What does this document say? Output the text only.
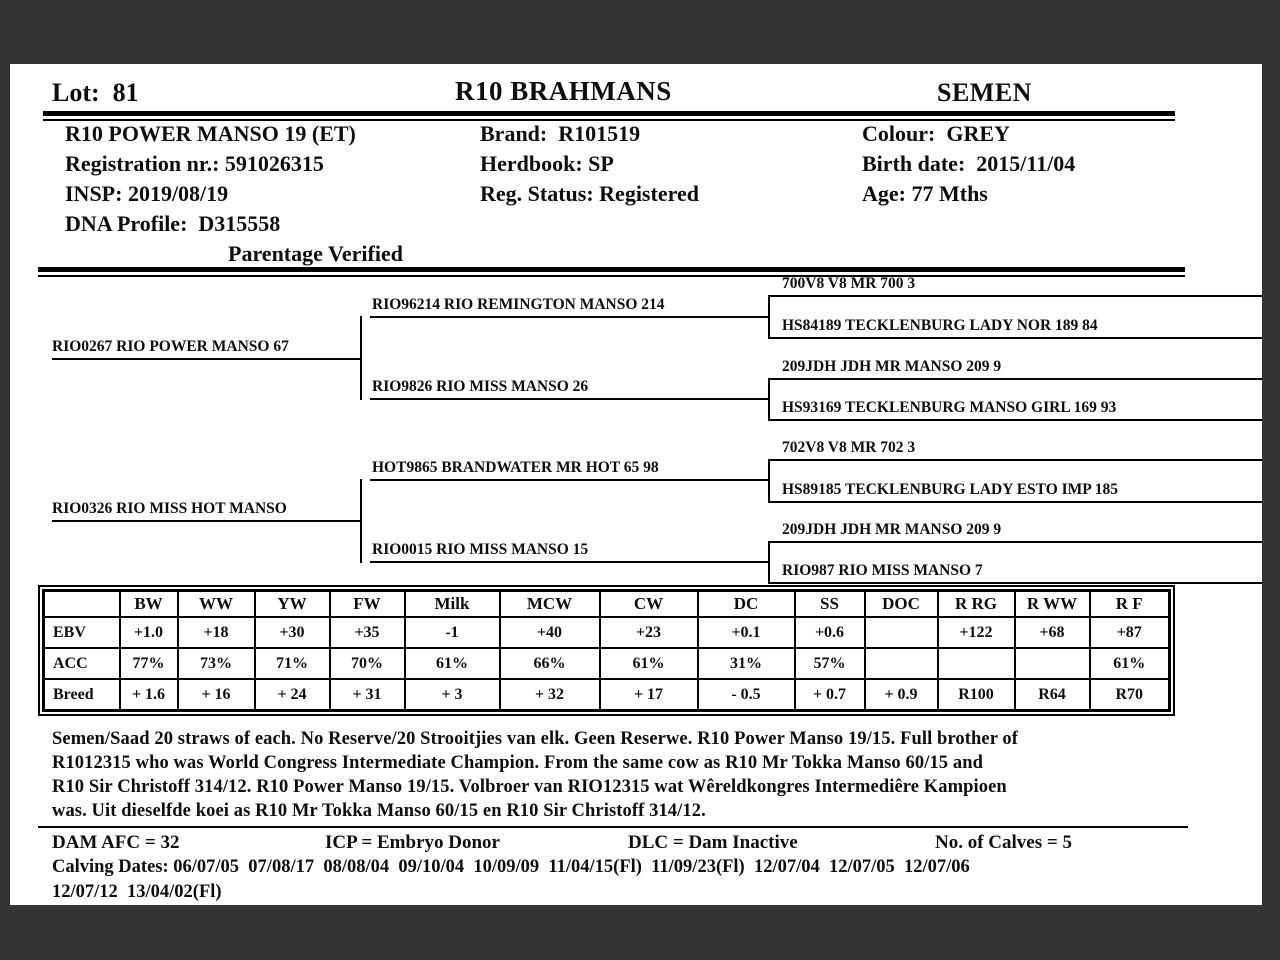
Lot:  81	R10 BRAHMANS	SEMEN
R10 POWER MANSO 19 (ET)
Registration nr.: 591026315
INSP: 2019/08/19
DNA Profile:  D315558
Parentage Verified
Brand:  R101519
Herdbook: SP
Reg. Status: Registered
Colour:  GREY
Birth date:  2015/11/04
Age: 77 Mths
RIO0267 RIO POWER MANSO 67
RIO0326 RIO MISS HOT MANSO
RIO96214 RIO REMINGTON MANSO 214
RIO9826 RIO MISS MANSO 26
HOT9865 BRANDWATER MR HOT 65 98
RIO0015 RIO MISS MANSO 15
700V8 V8 MR 700 3
HS84189 TECKLENBURG LADY NOR 189 84
209JDH JDH MR MANSO 209 9
HS93169 TECKLENBURG MANSO GIRL 169 93
702V8 V8 MR 702 3
HS89185 TECKLENBURG LADY ESTO IMP 185
209JDH JDH MR MANSO 209 9
RIO987 RIO MISS MANSO 7
	BW	WW	YW	FW	Milk	MCW	CW	DC	SS	DOC	R RG	R WW	R F
EBV	+1.0	+18	+30	+35	-1	+40	+23	+0.1	+0.6		+122	+68	+87
ACC	77%	73%	71%	70%	61%	66%	61%	31%	57%				61%
Breed	+ 1.6	+ 16	+ 24	+ 31	+ 3	+ 32	+ 17	- 0.5	+ 0.7	+ 0.9	R100	R64	R70
Semen/Saad 20 straws of each. No Reserve/20 Strooitjies van elk. Geen Reserwe. R10 Power Manso 19/15. Full brother of
R1012315 who was World Congress Intermediate Champion. From the same cow as R10 Mr Tokka Manso 60/15 and
R10 Sir Christoff 314/12. R10 Power Manso 19/15. Volbroer van RIO12315 wat Wêreldkongres Intermediêre Kampioen
was. Uit dieselfde koei as R10 Mr Tokka Manso 60/15 en R10 Sir Christoff 314/12.
DAM AFC = 32	ICP = Embryo Donor	DLC = Dam Inactive	No. of Calves = 5
Calving Dates: 06/07/05  07/08/17  08/08/04  09/10/04  10/09/09  11/04/15(Fl)  11/09/23(Fl)  12/07/04  12/07/05  12/07/06
12/07/12  13/04/02(Fl)
